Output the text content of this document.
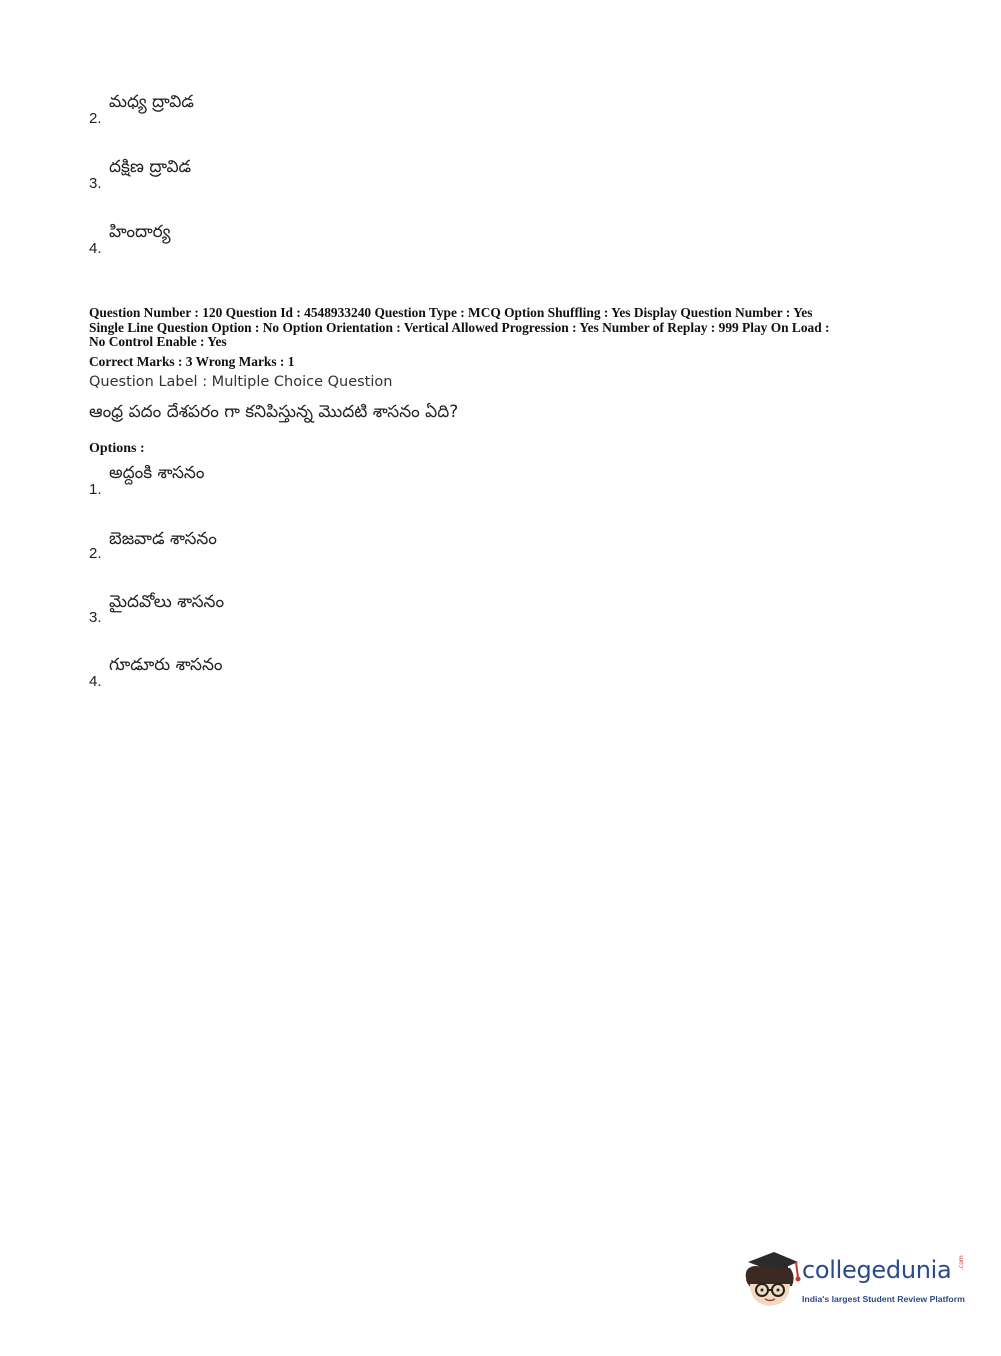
మధ్య ద్రావిడ
2.
దక్షిణ ద్రావిడ
3.
హిందార్య
4.
Question Number : 120 Question Id : 4548933240 Question Type : MCQ Option Shuffling : Yes Display Question Number : Yes
Single Line Question Option : No Option Orientation : Vertical Allowed Progression : Yes Number of Replay : 999 Play On Load :
No Control Enable : Yes
Correct Marks : 3 Wrong Marks : 1
Question Label : Multiple Choice Question
ఆంధ్ర పదం దేశపరం గా కనిపిస్తున్న మొదటి శాసనం ఏది?
Options :
అద్దంకి శాసనం
1.
బెజవాడ శాసనం
2.
మైదవోలు శాసనం
3.
గూడూరు శాసనం
4.
collegedunia .com
India's largest Student Review Platform
